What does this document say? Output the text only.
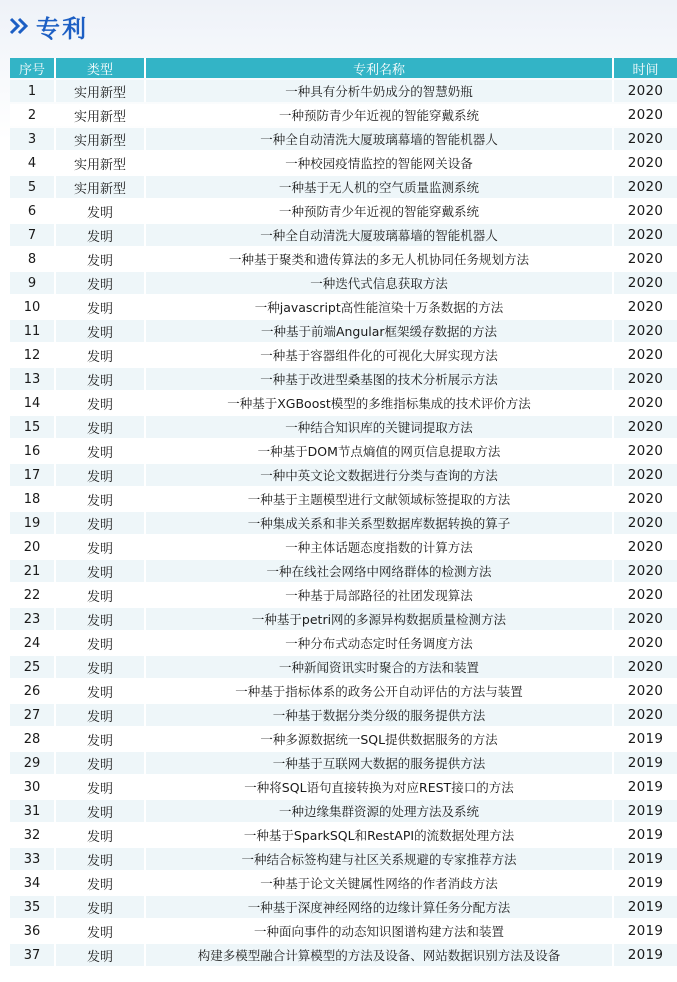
专利
序号	类型	专利名称	时间
1	实用新型	一种具有分析牛奶成分的智慧奶瓶	2020
2	实用新型	一种预防青少年近视的智能穿戴系统	2020
3	实用新型	一种全自动清洗大厦玻璃幕墙的智能机器人	2020
4	实用新型	一种校园疫情监控的智能网关设备	2020
5	实用新型	一种基于无人机的空气质量监测系统	2020
6	发明	一种预防青少年近视的智能穿戴系统	2020
7	发明	一种全自动清洗大厦玻璃幕墙的智能机器人	2020
8	发明	一种基于聚类和遗传算法的多无人机协同任务规划方法	2020
9	发明	一种迭代式信息获取方法	2020
10	发明	一种javascript高性能渲染十万条数据的方法	2020
11	发明	一种基于前端Angular框架缓存数据的方法	2020
12	发明	一种基于容器组件化的可视化大屏实现方法	2020
13	发明	一种基于改进型桑基图的技术分析展示方法	2020
14	发明	一种基于XGBoost模型的多维指标集成的技术评价方法	2020
15	发明	一种结合知识库的关键词提取方法	2020
16	发明	一种基于DOM节点熵值的网页信息提取方法	2020
17	发明	一种中英文论文数据进行分类与查询的方法	2020
18	发明	一种基于主题模型进行文献领域标签提取的方法	2020
19	发明	一种集成关系和非关系型数据库数据转换的算子	2020
20	发明	一种主体话题态度指数的计算方法	2020
21	发明	一种在线社会网络中网络群体的检测方法	2020
22	发明	一种基于局部路径的社团发现算法	2020
23	发明	一种基于petri网的多源异构数据质量检测方法	2020
24	发明	一种分布式动态定时任务调度方法	2020
25	发明	一种新闻资讯实时聚合的方法和装置	2020
26	发明	一种基于指标体系的政务公开自动评估的方法与装置	2020
27	发明	一种基于数据分类分级的服务提供方法	2020
28	发明	一种多源数据统一SQL提供数据服务的方法	2019
29	发明	一种基于互联网大数据的服务提供方法	2019
30	发明	一种将SQL语句直接转换为对应REST接口的方法	2019
31	发明	一种边缘集群资源的处理方法及系统	2019
32	发明	一种基于SparkSQL和RestAPI的流数据处理方法	2019
33	发明	一种结合标签构建与社区关系规避的专家推荐方法	2019
34	发明	一种基于论文关键属性网络的作者消歧方法	2019
35	发明	一种基于深度神经网络的边缘计算任务分配方法	2019
36	发明	一种面向事件的动态知识图谱构建方法和装置	2019
37	发明	构建多模型融合计算模型的方法及设备、网站数据识别方法及设备	2019
